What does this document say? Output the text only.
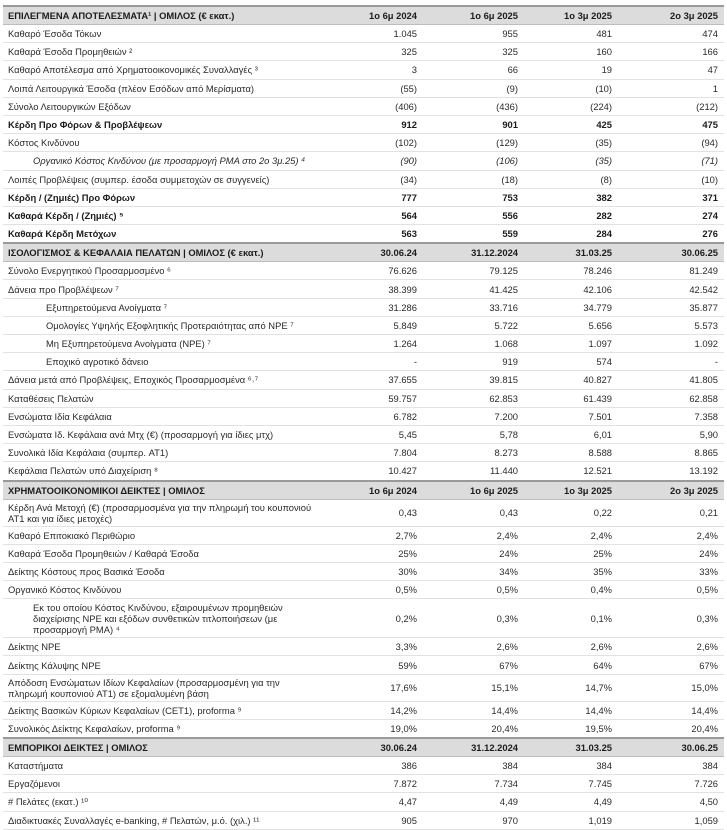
ΕΠΙΛΕΓΜΕΝΑ ΑΠΟΤΕΛΕΣΜΑΤΑ¹ | ΟΜΙΛΟΣ (€ εκατ.)	1ο 6μ 2024	1ο 6μ 2025	1ο 3μ 2025	2ο 3μ 2025
Καθαρό Έσοδα Τόκων	1.045	955	481	474
Καθαρά Έσοδα Προμηθειών ²	325	325	160	166
Καθαρό Αποτέλεσμα από Χρηματοοικονομικές Συναλλαγές ³	3	66	19	47
Λοιπά Λειτουργικά Έσοδα (πλέον Εσόδων από Μερίσματα)	(55)	(9)	(10)	1
Σύνολο Λειτουργικών Εξόδων	(406)	(436)	(224)	(212)
Κέρδη Προ Φόρων & Προβλέψεων	912	901	425	475
Κόστος Κινδύνου	(102)	(129)	(35)	(94)
Οργανικό Κόστος Κινδύνου (με προσαρμογή PMA στο 2ο 3μ.25) ⁴	(90)	(106)	(35)	(71)
Λοιπές Προβλέψεις (συμπερ. έσοδα συμμετοχών σε συγγενείς)	(34)	(18)	(8)	(10)
Κέρδη / (Ζημιές) Προ Φόρων	777	753	382	371
Καθαρά Κέρδη / (Ζημιές) ⁵	564	556	282	274
Καθαρά Κέρδη Μετόχων	563	559	284	276
ΙΣΟΛΟΓΙΣΜΟΣ & ΚΕΦΑΛΑΙΑ ΠΕΛΑΤΩΝ | ΟΜΙΛΟΣ (€ εκατ.)	30.06.24	31.12.2024	31.03.25	30.06.25
Σύνολο Ενεργητικού Προσαρμοσμένο ⁶	76.626	79.125	78.246	81.249
Δάνεια προ Προβλέψεων ⁷	38.399	41.425	42.106	42.542
Εξυπηρετούμενα Ανοίγματα ⁷	31.286	33.716	34.779	35.877
Ομολογίες Υψηλής Εξοφλητικής Προτεραιότητας από ΝPE ⁷	5.849	5.722	5.656	5.573
Μη Εξυπηρετούμενα Ανοίγματα (NPE) ⁷	1.264	1.068	1.097	1.092
Εποχικό αγροτικό δάνειο	-	919	574	-
Δάνεια μετά από Προβλέψεις, Εποχικός Προσαρμοσμένα ⁶˒⁷	37.655	39.815	40.827	41.805
Καταθέσεις Πελατών	59.757	62.853	61.439	62.858
Ενσώματα Ιδία Κεφάλαια	6.782	7.200	7.501	7.358
Ενσώματα Ιδ. Κεφάλαια ανά Μτχ (€) (προσαρμογή για ίδιες μτχ)	5,45	5,78	6,01	5,90
Συνολικά Ιδία Κεφάλαια (συμπερ. AT1)	7.804	8.273	8.588	8.865
Κεφάλαια Πελατών υπό Διαχείριση ⁸	10.427	11.440	12.521	13.192
ΧΡΗΜΑΤΟΟΙΚΟΝΟΜΙΚΟΙ ΔΕΙΚΤΕΣ | ΟΜΙΛΟΣ	1ο 6μ 2024	1ο 6μ 2025	1ο 3μ 2025	2ο 3μ 2025
Κέρδη Ανά Μετοχή (€) (προσαρμοσμένα για την πληρωμή του κουπονιού AT1 και για ίδιες μετοχές)	0,43	0,43	0,22	0,21
Καθαρό Επιτοκιακό Περιθώριο	2,7%	2,4%	2,4%	2,4%
Καθαρά Έσοδα Προμηθειών / Καθαρά Έσοδα	25%	24%	25%	24%
Δείκτης Κόστους προς Βασικά Έσοδα	30%	34%	35%	33%
Οργανικό Κόστος Κινδύνου	0,5%	0,5%	0,4%	0,5%
Εκ του οποίου Κόστος Κινδύνου, εξαιρουμένων προμηθειών διαχείρισης NPE και εξόδων συνθετικών τιτλοποιήσεων (με προσαρμογή PMA) ⁴	0,2%	0,3%	0,1%	0,3%
Δείκτης NPE	3,3%	2,6%	2,6%	2,6%
Δείκτης Κάλυψης NPE	59%	67%	64%	67%
Απόδοση Ενσώματων Ιδίων Κεφαλαίων (προσαρμοσμένη για την πληρωμή κουπονιού AT1) σε εξομαλυμένη βάση	17,6%	15,1%	14,7%	15,0%
Δείκτης Βασικών Κύριων Κεφαλαίων (CET1), proforma ⁹	14,2%	14,4%	14,4%	14,4%
Συνολικός Δείκτης Κεφαλαίων, proforma ⁹	19,0%	20,4%	19,5%	20,4%
ΕΜΠΟΡΙΚΟΙ ΔΕΙΚΤΕΣ | ΟΜΙΛΟΣ	30.06.24	31.12.2024	31.03.25	30.06.25
Καταστήματα	386	384	384	384
Εργαζόμενοι	7.872	7.734	7.745	7.726
# Πελάτες (εκατ.) ¹⁰	4,47	4,49	4,49	4,50
Διαδικτυακές Συναλλαγές e-banking, # Πελατών, μ.ό. (χιλ.) ¹¹	905	970	1,019	1,059
